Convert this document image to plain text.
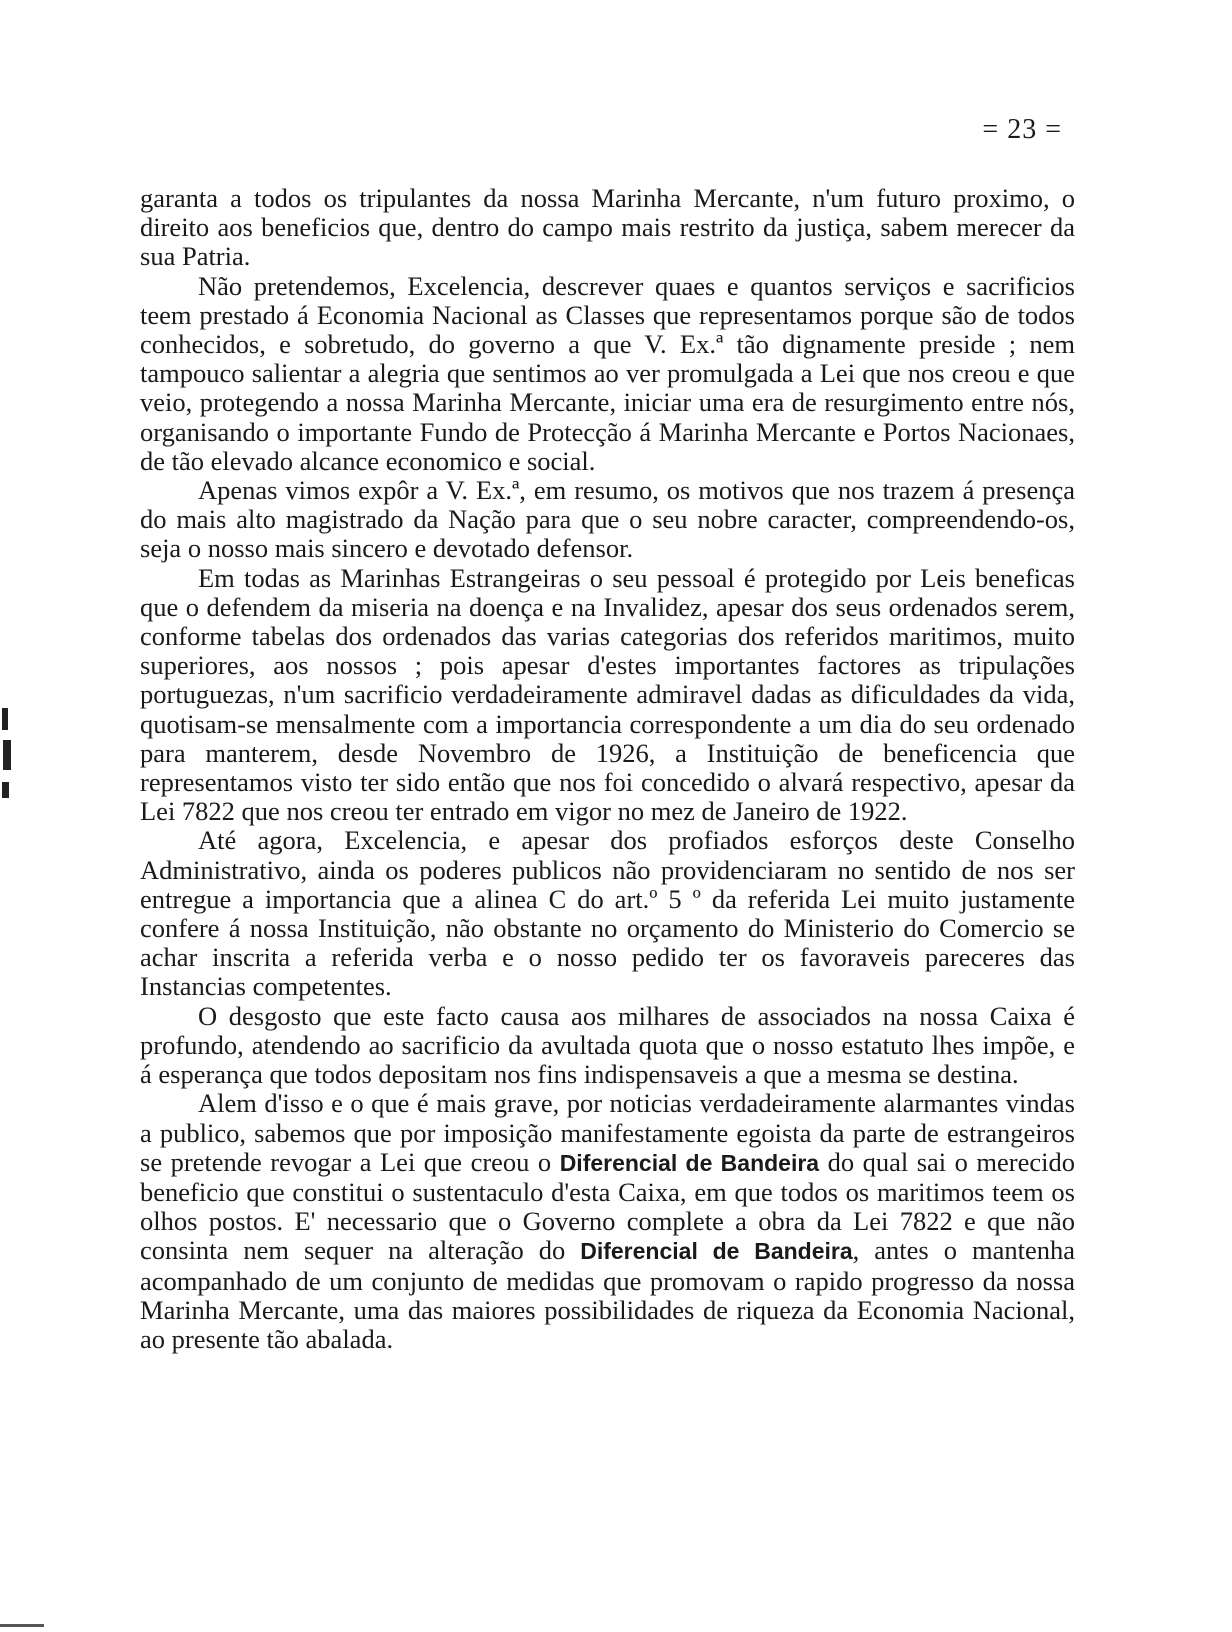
= 23 =

garanta a todos os tripulantes da nossa Marinha Mercante, n'um futuro proximo, o direito aos beneficios que, dentro do campo mais restrito da justiça, sabem merecer da sua Patria.

Não pretendemos, Excelencia, descrever quaes e quantos serviços e sacrificios teem prestado á Economia Nacional as Classes que representamos porque são de todos conhecidos, e sobretudo, do governo a que V. Ex.ª tão dignamente preside ; nem tampouco salientar a alegria que sentimos ao ver promulgada a Lei que nos creou e que veio, protegendo a nossa Marinha Mercante, iniciar uma era de resurgimento entre nós, organisando o importante Fundo de Protecção á Marinha Mercante e Portos Nacionaes, de tão elevado alcance economico e social.

Apenas vimos expôr a V. Ex.ª, em resumo, os motivos que nos trazem á presença do mais alto magistrado da Nação para que o seu nobre caracter, compreendendo-os, seja o nosso mais sincero e devotado defensor.

Em todas as Marinhas Estrangeiras o seu pessoal é protegido por Leis beneficas que o defendem da miseria na doença e na Invalidez, apesar dos seus ordenados serem, conforme tabelas dos ordenados das varias categorias dos referidos maritimos, muito superiores, aos nossos ; pois apesar d'estes importantes factores as tripulações portuguezas, n'um sacrificio verdadeiramente admiravel dadas as dificuldades da vida, quotisam-se mensalmente com a importancia correspondente a um dia do seu ordenado para manterem, desde Novembro de 1926, a Instituição de beneficencia que representamos visto ter sido então que nos foi concedido o alvará respectivo, apesar da Lei 7822 que nos creou ter entrado em vigor no mez de Janeiro de 1922.

Até agora, Excelencia, e apesar dos profiados esforços deste Conselho Administrativo, ainda os poderes publicos não providenciaram no sentido de nos ser entregue a importancia que a alinea C do art.º 5 º da referida Lei muito justamente confere á nossa Instituição, não obstante no orçamento do Ministerio do Comercio se achar inscrita a referida verba e o nosso pedido ter os favoraveis pareceres das Instancias competentes.

O desgosto que este facto causa aos milhares de associados na nossa Caixa é profundo, atendendo ao sacrificio da avultada quota que o nosso estatuto lhes impõe, e á esperança que todos depositam nos fins indispensaveis a que a mesma se destina.

Alem d'isso e o que é mais grave, por noticias verdadeiramente alarmantes vindas a publico, sabemos que por imposição manifestamente egoista da parte de estrangeiros se pretende revogar a Lei que creou o Diferencial de Bandeira do qual sai o merecido beneficio que constitui o sustentaculo d'esta Caixa, em que todos os maritimos teem os olhos postos. E' necessario que o Governo complete a obra da Lei 7822 e que não consinta nem sequer na alteração do Diferencial de Bandeira, antes o mantenha acompanhado de um conjunto de medidas que promovam o rapido progresso da nossa Marinha Mercante, uma das maiores possibilidades de riqueza da Economia Nacional, ao presente tão abalada.
